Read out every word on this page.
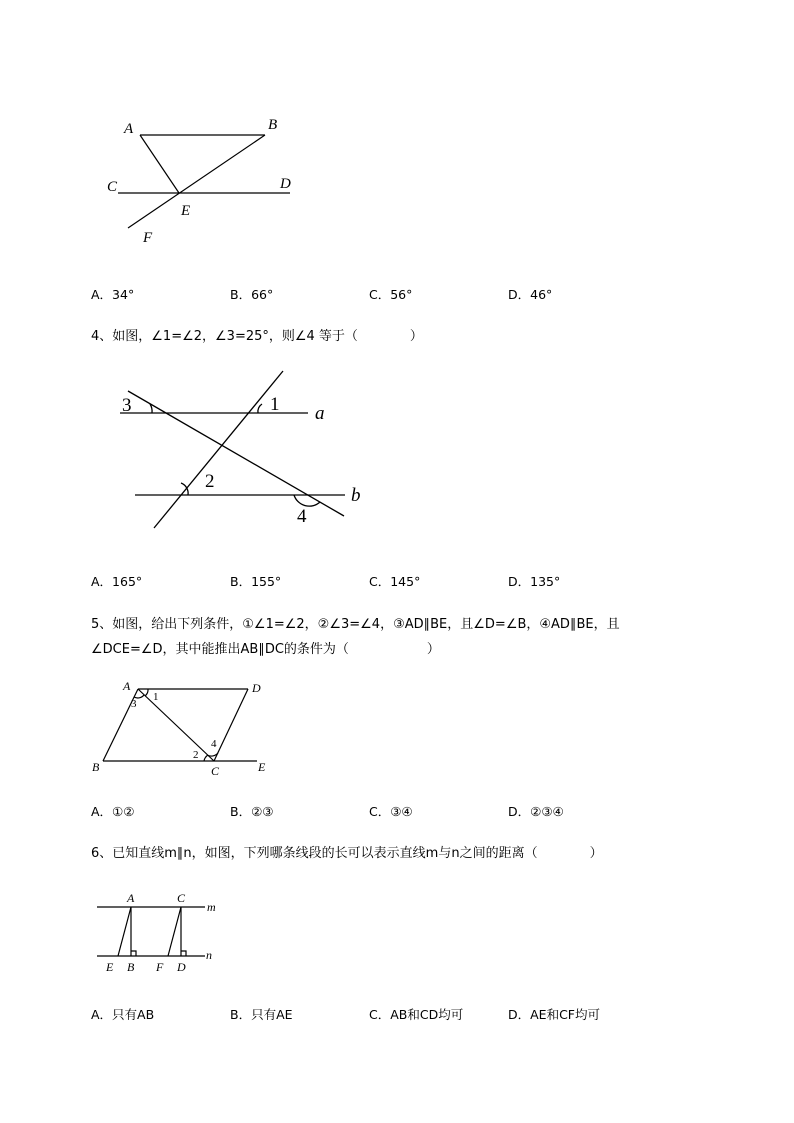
A	B
C	D
E
F
A．34°	B．66°	C．56°	D．46°
4、如图，∠1=∠2，∠3=25°，则∠4 等于（　　　　）
3	1 a
2
b
4
A．165°	B．155°	C．145°	D．135°
5、如图，给出下列条件，①∠1=∠2，②∠3=∠4，③AD∥BE，且∠D=∠B，④AD∥BE，且
∠DCE=∠D，其中能推出AB∥DC的条件为（　　　　　　）
A	D
B	C	E
1
3
2
4
A．①②	B．②③	C．③④	D．②③④
6、已知直线m∥n，如图，下列哪条线段的长可以表示直线m与n之间的距离（　　　　）
A	C
m
n
E B F D
A．只有AB	B．只有AE	C．AB和CD均可	D．AE和CF均可
